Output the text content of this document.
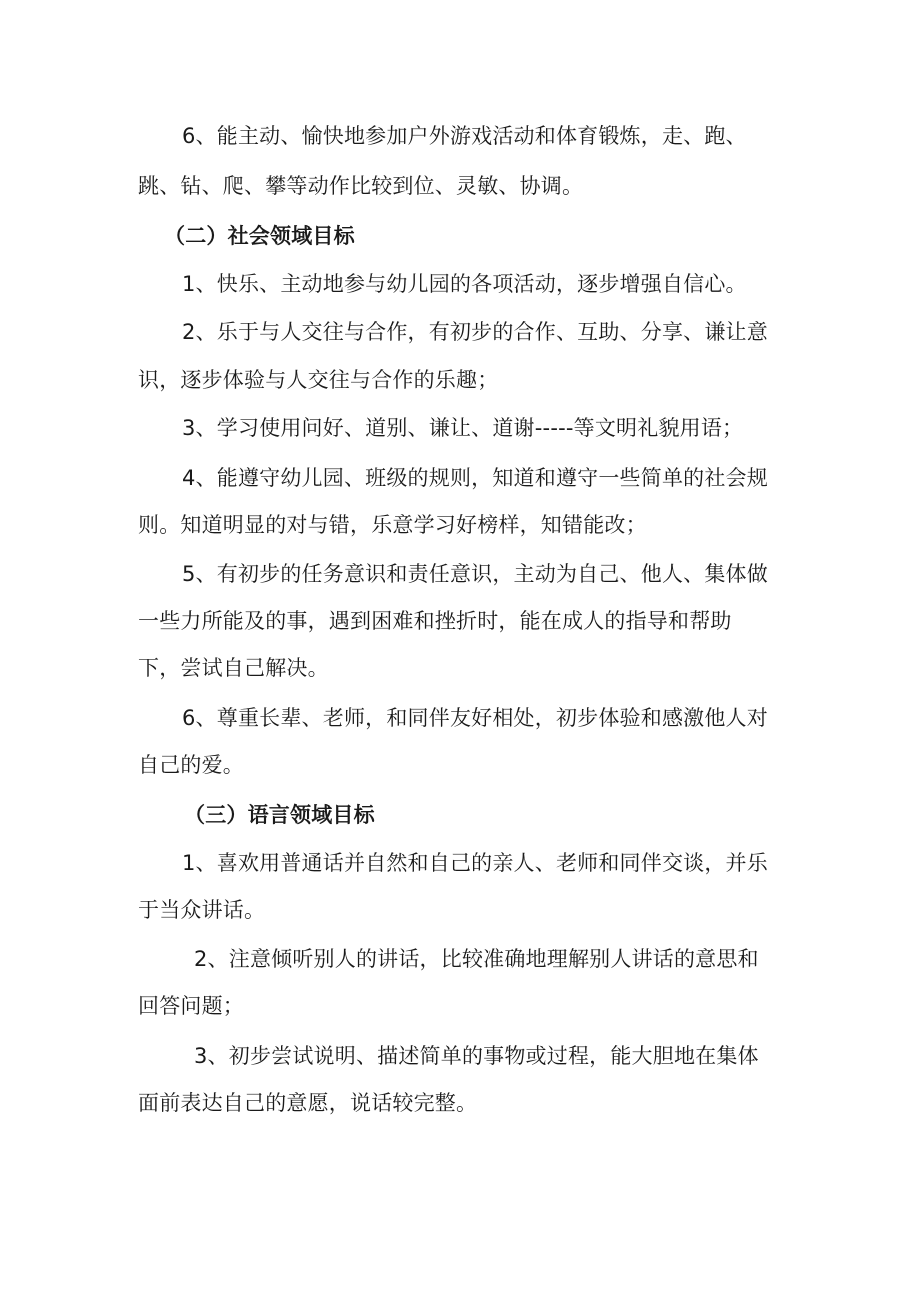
6、能主动、愉快地参加户外游戏活动和体育锻炼，走、跑、
跳、钻、爬、攀等动作比较到位、灵敏、协调。
（二）社会领域目标
1、快乐、主动地参与幼儿园的各项活动，逐步增强自信心。
2、乐于与人交往与合作，有初步的合作、互助、分享、谦让意
识，逐步体验与人交往与合作的乐趣；
3、学习使用问好、道别、谦让、道谢-----等文明礼貌用语；
4、能遵守幼儿园、班级的规则，知道和遵守一些简单的社会规
则。知道明显的对与错，乐意学习好榜样，知错能改；
5、有初步的任务意识和责任意识，主动为自己、他人、集体做
一些力所能及的事，遇到困难和挫折时，能在成人的指导和帮助
下，尝试自己解决。
6、尊重长辈、老师，和同伴友好相处，初步体验和感激他人对
自己的爱。
（三）语言领域目标
1、喜欢用普通话并自然和自己的亲人、老师和同伴交谈，并乐
于当众讲话。
2、注意倾听别人的讲话，比较准确地理解别人讲话的意思和
回答问题；
3、初步尝试说明、描述简单的事物或过程，能大胆地在集体
面前表达自己的意愿，说话较完整。
